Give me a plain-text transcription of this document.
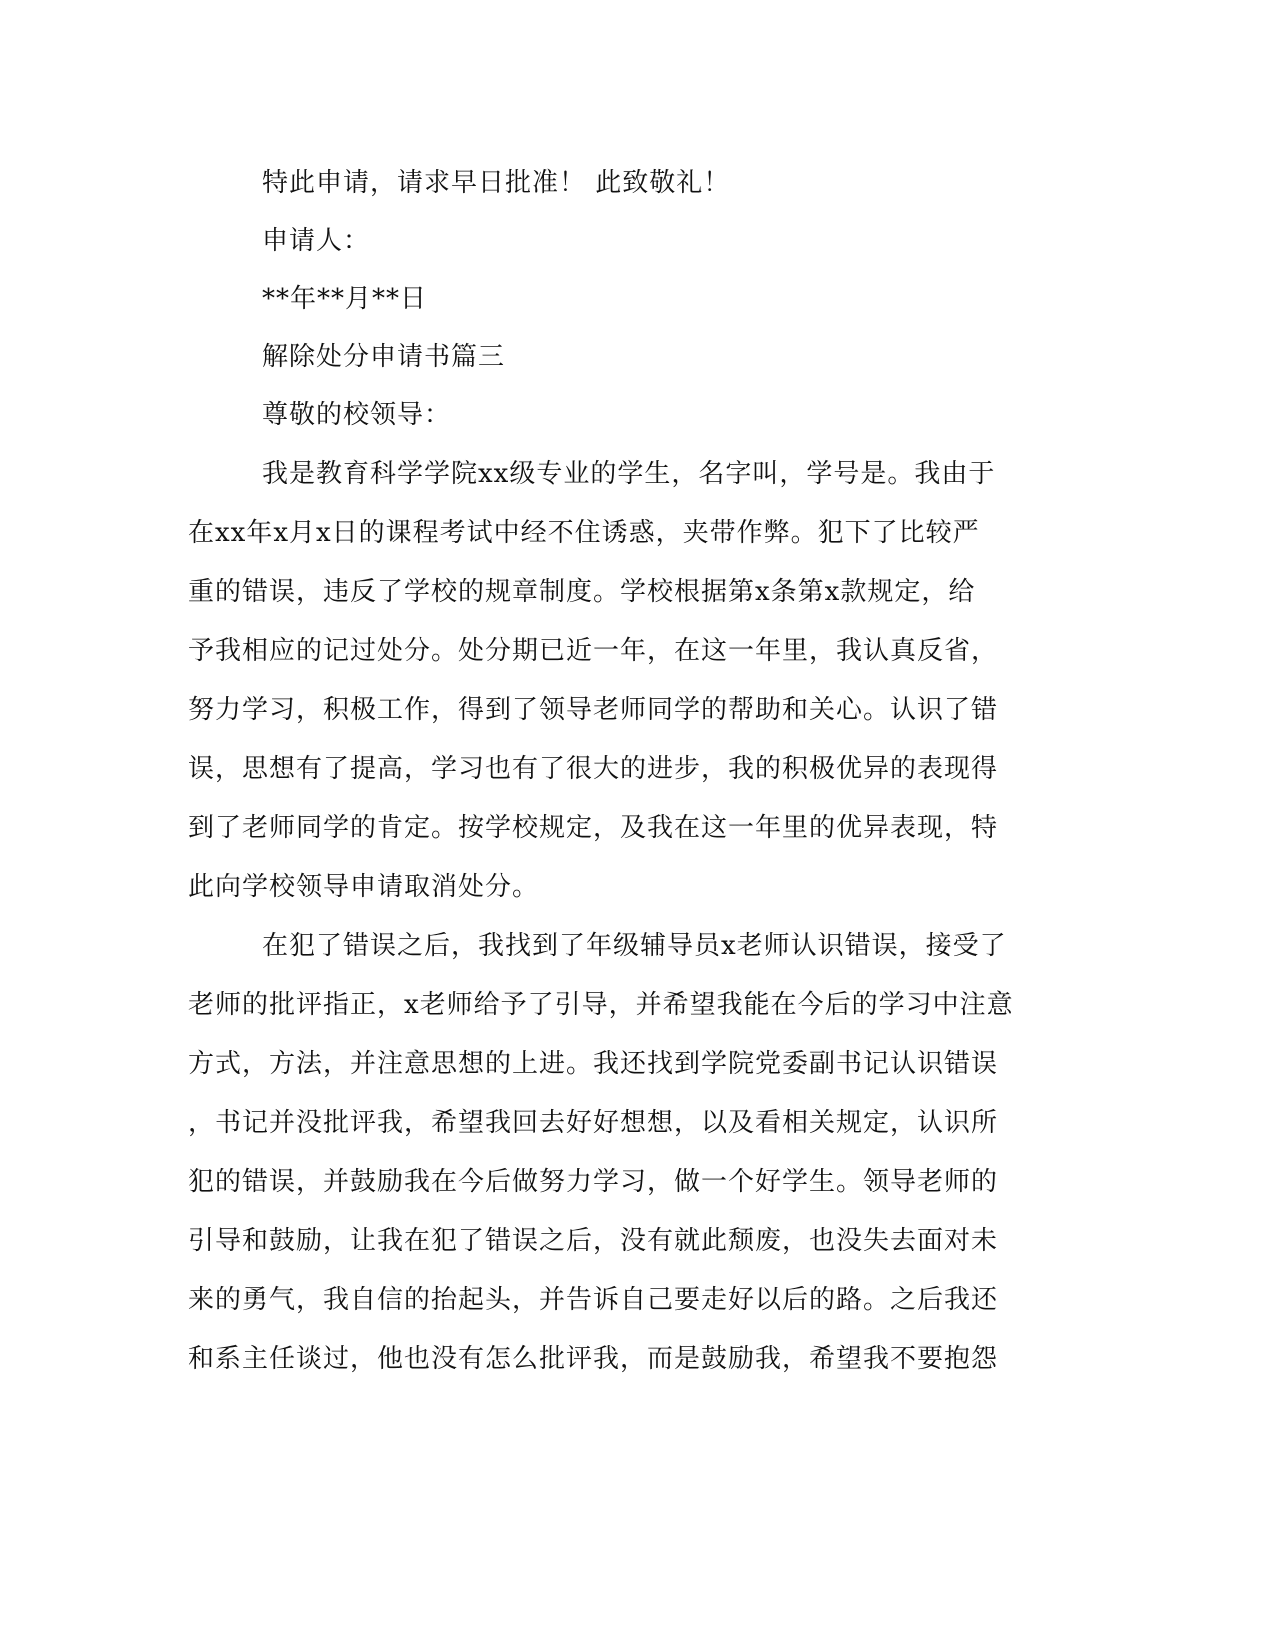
特此申请，请求早日批准！ 此致敬礼！
申请人：
**年**月**日
解除处分申请书篇三
尊敬的校领导：
我是教育科学学院xx级专业的学生，名字叫，学号是。我由于
在xx年x月x日的课程考试中经不住诱惑，夹带作弊。犯下了比较严
重的错误，违反了学校的规章制度。学校根据第x条第x款规定，给
予我相应的记过处分。处分期已近一年，在这一年里，我认真反省，
努力学习，积极工作，得到了领导老师同学的帮助和关心。认识了错
误，思想有了提高，学习也有了很大的进步，我的积极优异的表现得
到了老师同学的肯定。按学校规定，及我在这一年里的优异表现，特
此向学校领导申请取消处分。
在犯了错误之后，我找到了年级辅导员x老师认识错误，接受了
老师的批评指正，x老师给予了引导，并希望我能在今后的学习中注意
方式，方法，并注意思想的上进。我还找到学院党委副书记认识错误
，书记并没批评我，希望我回去好好想想，以及看相关规定，认识所
犯的错误，并鼓励我在今后做努力学习，做一个好学生。领导老师的
引导和鼓励，让我在犯了错误之后，没有就此颓废，也没失去面对未
来的勇气，我自信的抬起头，并告诉自己要走好以后的路。之后我还
和系主任谈过，他也没有怎么批评我，而是鼓励我，希望我不要抱怨
